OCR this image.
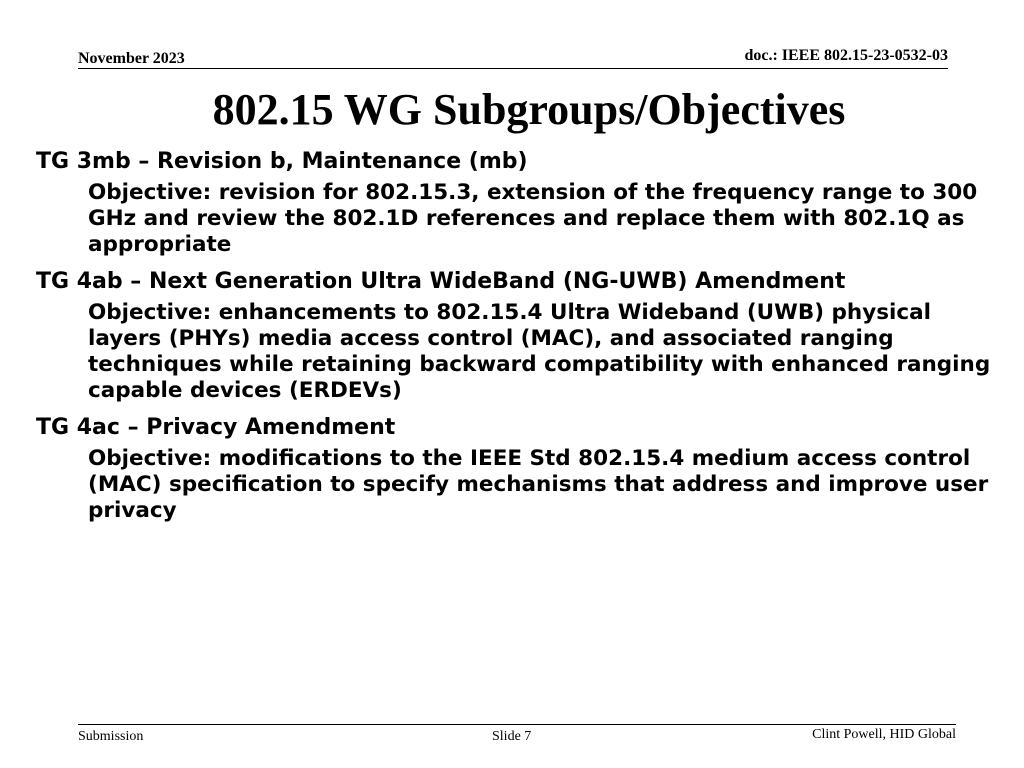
November 2023	doc.: IEEE 802.15-23-0532-03
802.15 WG Subgroups/Objectives
TG 3mb – Revision b, Maintenance (mb)
Objective: revision for 802.15.3, extension of the frequency range to 300 GHz and review the 802.1D references and replace them with 802.1Q as appropriate
TG 4ab – Next Generation Ultra WideBand (NG-UWB) Amendment
Objective: enhancements to 802.15.4 Ultra Wideband (UWB) physical layers (PHYs) media access control (MAC), and associated ranging techniques while retaining backward compatibility with enhanced ranging capable devices (ERDEVs)
TG 4ac – Privacy Amendment
Objective: modifications to the IEEE Std 802.15.4 medium access control (MAC) specification to specify mechanisms that address and improve user privacy
Submission	Slide 7	Clint Powell, HID Global
